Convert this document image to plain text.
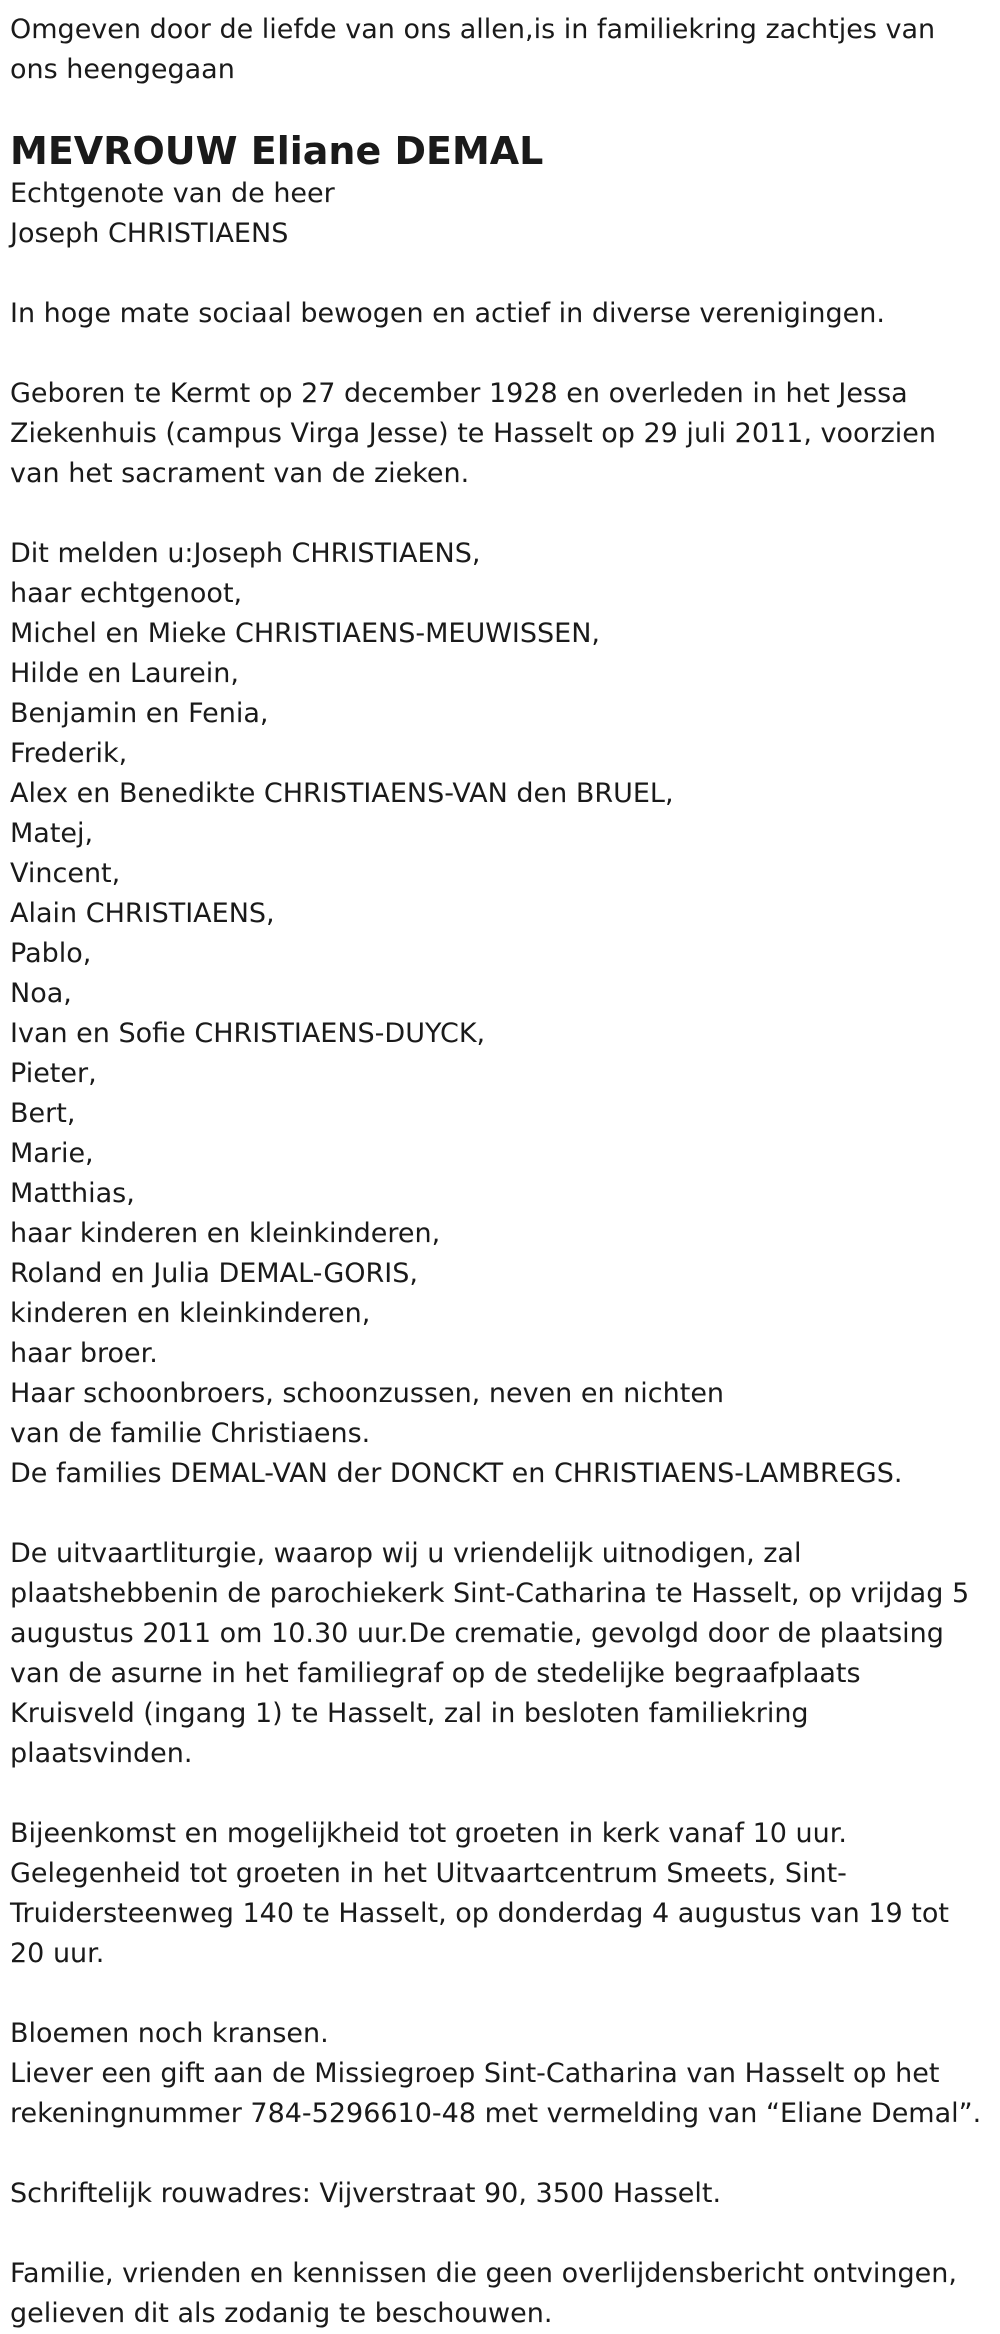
Omgeven door de liefde van ons allen,is in familiekring zachtjes van ons heengegaan

MEVROUW Eliane DEMAL

Echtgenote van de heer

Joseph CHRISTIAENS

In hoge mate sociaal bewogen en actief in diverse verenigingen.

Geboren te Kermt op 27 december 1928 en overleden in het Jessa Ziekenhuis (campus Virga Jesse) te Hasselt op 29 juli 2011, voorzien van het sacrament van de zieken.

Dit melden u:Joseph CHRISTIAENS,

haar echtgenoot,

Michel en Mieke CHRISTIAENS-MEUWISSEN,

Hilde en Laurein,

Benjamin en Fenia,

Frederik,

Alex en Benedikte CHRISTIAENS-VAN den BRUEL,

Matej,

Vincent,

Alain CHRISTIAENS,

Pablo,

Noa,

Ivan en Sofie CHRISTIAENS-DUYCK,

Pieter,

Bert,

Marie,

Matthias,

haar kinderen en kleinkinderen,

Roland en Julia DEMAL-GORIS,

kinderen en kleinkinderen,

haar broer.

Haar schoonbroers, schoonzussen, neven en nichten

van de familie Christiaens.

De families DEMAL-VAN der DONCKT en CHRISTIAENS-LAMBREGS.

De uitvaartliturgie, waarop wij u vriendelijk uitnodigen, zal plaatshebbenin de parochiekerk Sint-Catharina te Hasselt, op vrijdag 5 augustus 2011 om 10.30 uur.De crematie, gevolgd door de plaatsing van de asurne in het familiegraf op de stedelijke begraafplaats Kruisveld (ingang 1) te Hasselt, zal in besloten familiekring plaatsvinden.

Bijeenkomst en mogelijkheid tot groeten in kerk vanaf 10 uur.

Gelegenheid tot groeten in het Uitvaartcentrum Smeets, Sint-Truidersteenweg 140 te Hasselt, op donderdag 4 augustus van 19 tot 20 uur.

Bloemen noch kransen.

Liever een gift aan de Missiegroep Sint-Catharina van Hasselt op het rekeningnummer 784-5296610-48 met vermelding van “Eliane Demal”.

Schriftelijk rouwadres: Vijverstraat 90, 3500 Hasselt.

Familie, vrienden en kennissen die geen overlijdensbericht ontvingen, gelieven dit als zodanig te beschouwen.
